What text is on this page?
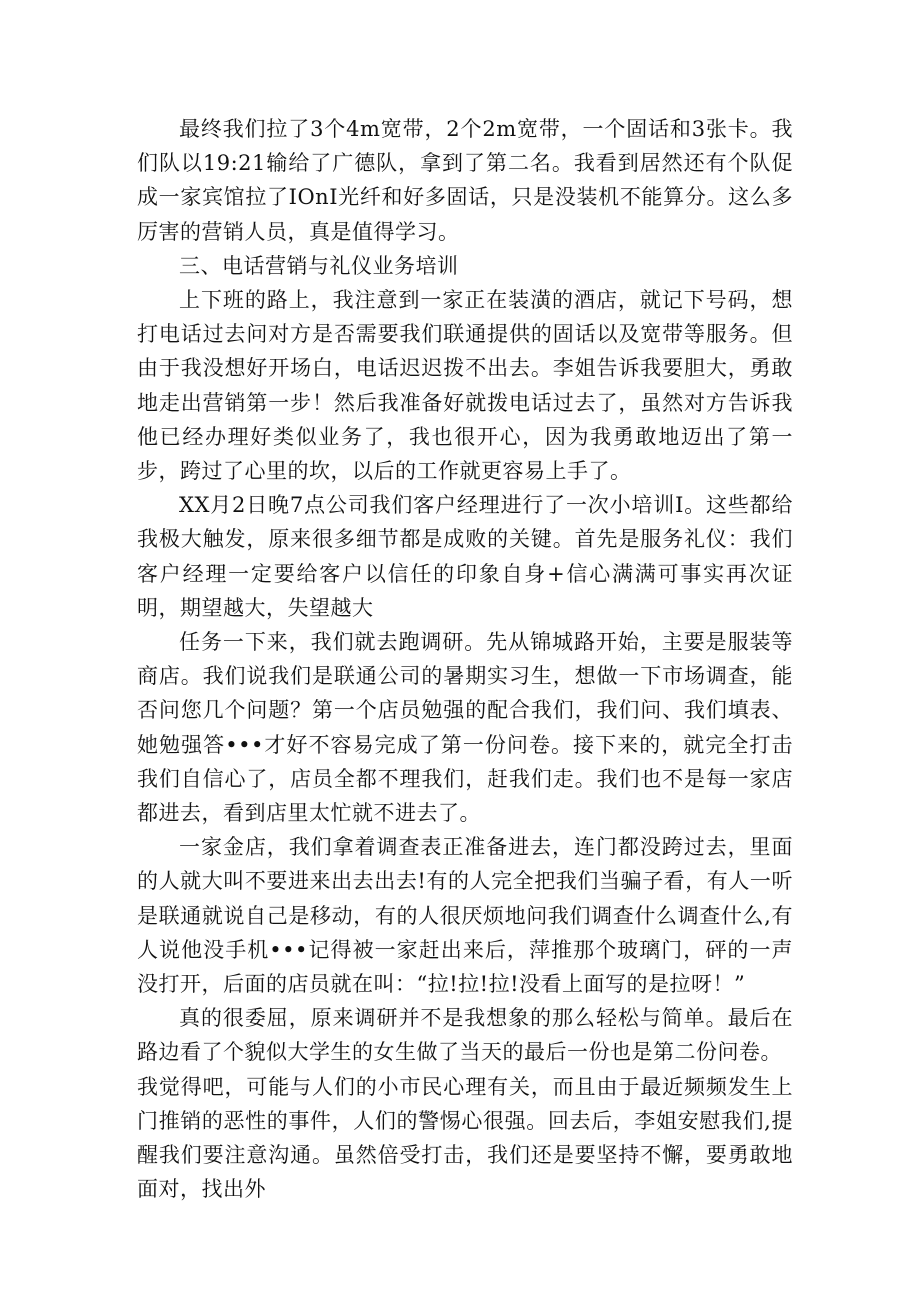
最终我们拉了3个4m宽带，2个2m宽带，一个固话和3张卡。我们队以19:21输给了广德队，拿到了第二名。我看到居然还有个队促成一家宾馆拉了IOnI光纤和好多固话，只是没装机不能算分。这么多厉害的营销人员，真是值得学习。

三、电话营销与礼仪业务培训

上下班的路上，我注意到一家正在装潢的酒店，就记下号码，想打电话过去问对方是否需要我们联通提供的固话以及宽带等服务。但由于我没想好开场白，电话迟迟拨不出去。李姐告诉我要胆大，勇敢地走出营销第一步！然后我准备好就拨电话过去了，虽然对方告诉我他已经办理好类似业务了，我也很开心，因为我勇敢地迈出了第一步，跨过了心里的坎，以后的工作就更容易上手了。

XX月2日晚7点公司我们客户经理进行了一次小培训I。这些都给我极大触发，原来很多细节都是成败的关键。首先是服务礼仪：我们客户经理一定要给客户以信任的印象自身+信心满满可事实再次证明，期望越大，失望越大

任务一下来，我们就去跑调研。先从锦城路开始，主要是服装等商店。我们说我们是联通公司的暑期实习生，想做一下市场调查，能否问您几个问题？第一个店员勉强的配合我们，我们问、我们填表、她勉强答•••才好不容易完成了第一份问卷。接下来的，就完全打击我们自信心了，店员全都不理我们，赶我们走。我们也不是每一家店都进去，看到店里太忙就不进去了。

一家金店，我们拿着调查表正准备进去，连门都没跨过去，里面的人就大叫不要进来出去出去!有的人完全把我们当骗子看，有人一听是联通就说自己是移动，有的人很厌烦地问我们调查什么调查什么,有人说他没手机•••记得被一家赶出来后，萍推那个玻璃门，砰的一声没打开，后面的店员就在叫：“拉!拉!拉!没看上面写的是拉呀！”

真的很委屈，原来调研并不是我想象的那么轻松与简单。最后在路边看了个貌似大学生的女生做了当天的最后一份也是第二份问卷。

我觉得吧，可能与人们的小市民心理有关，而且由于最近频频发生上门推销的恶性的事件，人们的警惕心很强。回去后，李姐安慰我们,提醒我们要注意沟通。虽然倍受打击，我们还是要坚持不懈，要勇敢地面对，找出外
